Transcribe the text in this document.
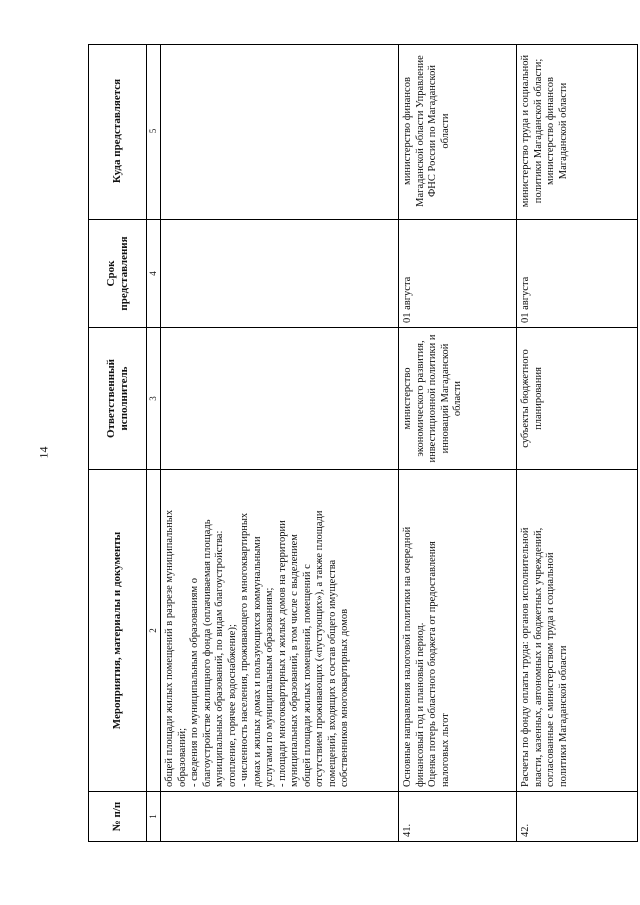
14
№ п/п
Мероприятия, материалы и документы
Ответственный исполнитель
Срок представления
Куда представляется
1
2
3
4
5
общей площади жилых помещений в разрезе муниципальных образований; - сведения по муниципальным образованиям о благоустройстве жилищного фонда (оплачиваемая площадь муниципальных образований, по видам благоустройства: отопление, горячее водоснабжение); - численность населения, проживающего в многоквартирных домах и жилых домах и пользующихся коммунальными услугами по муниципальным образованиям; - площади многоквартирных и жилых домов на территории муниципальных образований, в том числе с выделением общей площади жилых помещений, помещений с отсутствием проживающих («пустующих»), а также площади помещений, входящих в состав общего имущества собственников многоквартирных домов
41.
Основные направления налоговой политики на очередной финансовый год и плановый период. Оценка потерь областного бюджета от предоставления налоговых льгот
министерство экономического развития, инвестиционной политики и инноваций Магаданской области
01 августа
министерство финансов Магаданской области Управление ФНС России по Магаданской области
42.
Расчеты по фонду оплаты труда: органов исполнительной власти, казенных, автономных и бюджетных учреждений, согласованные с министерством труда и социальной политики Магаданской области
субъекты бюджетного планирования
01 августа
министерство труда и социальной политики Магаданской области; министерство финансов Магаданской области
